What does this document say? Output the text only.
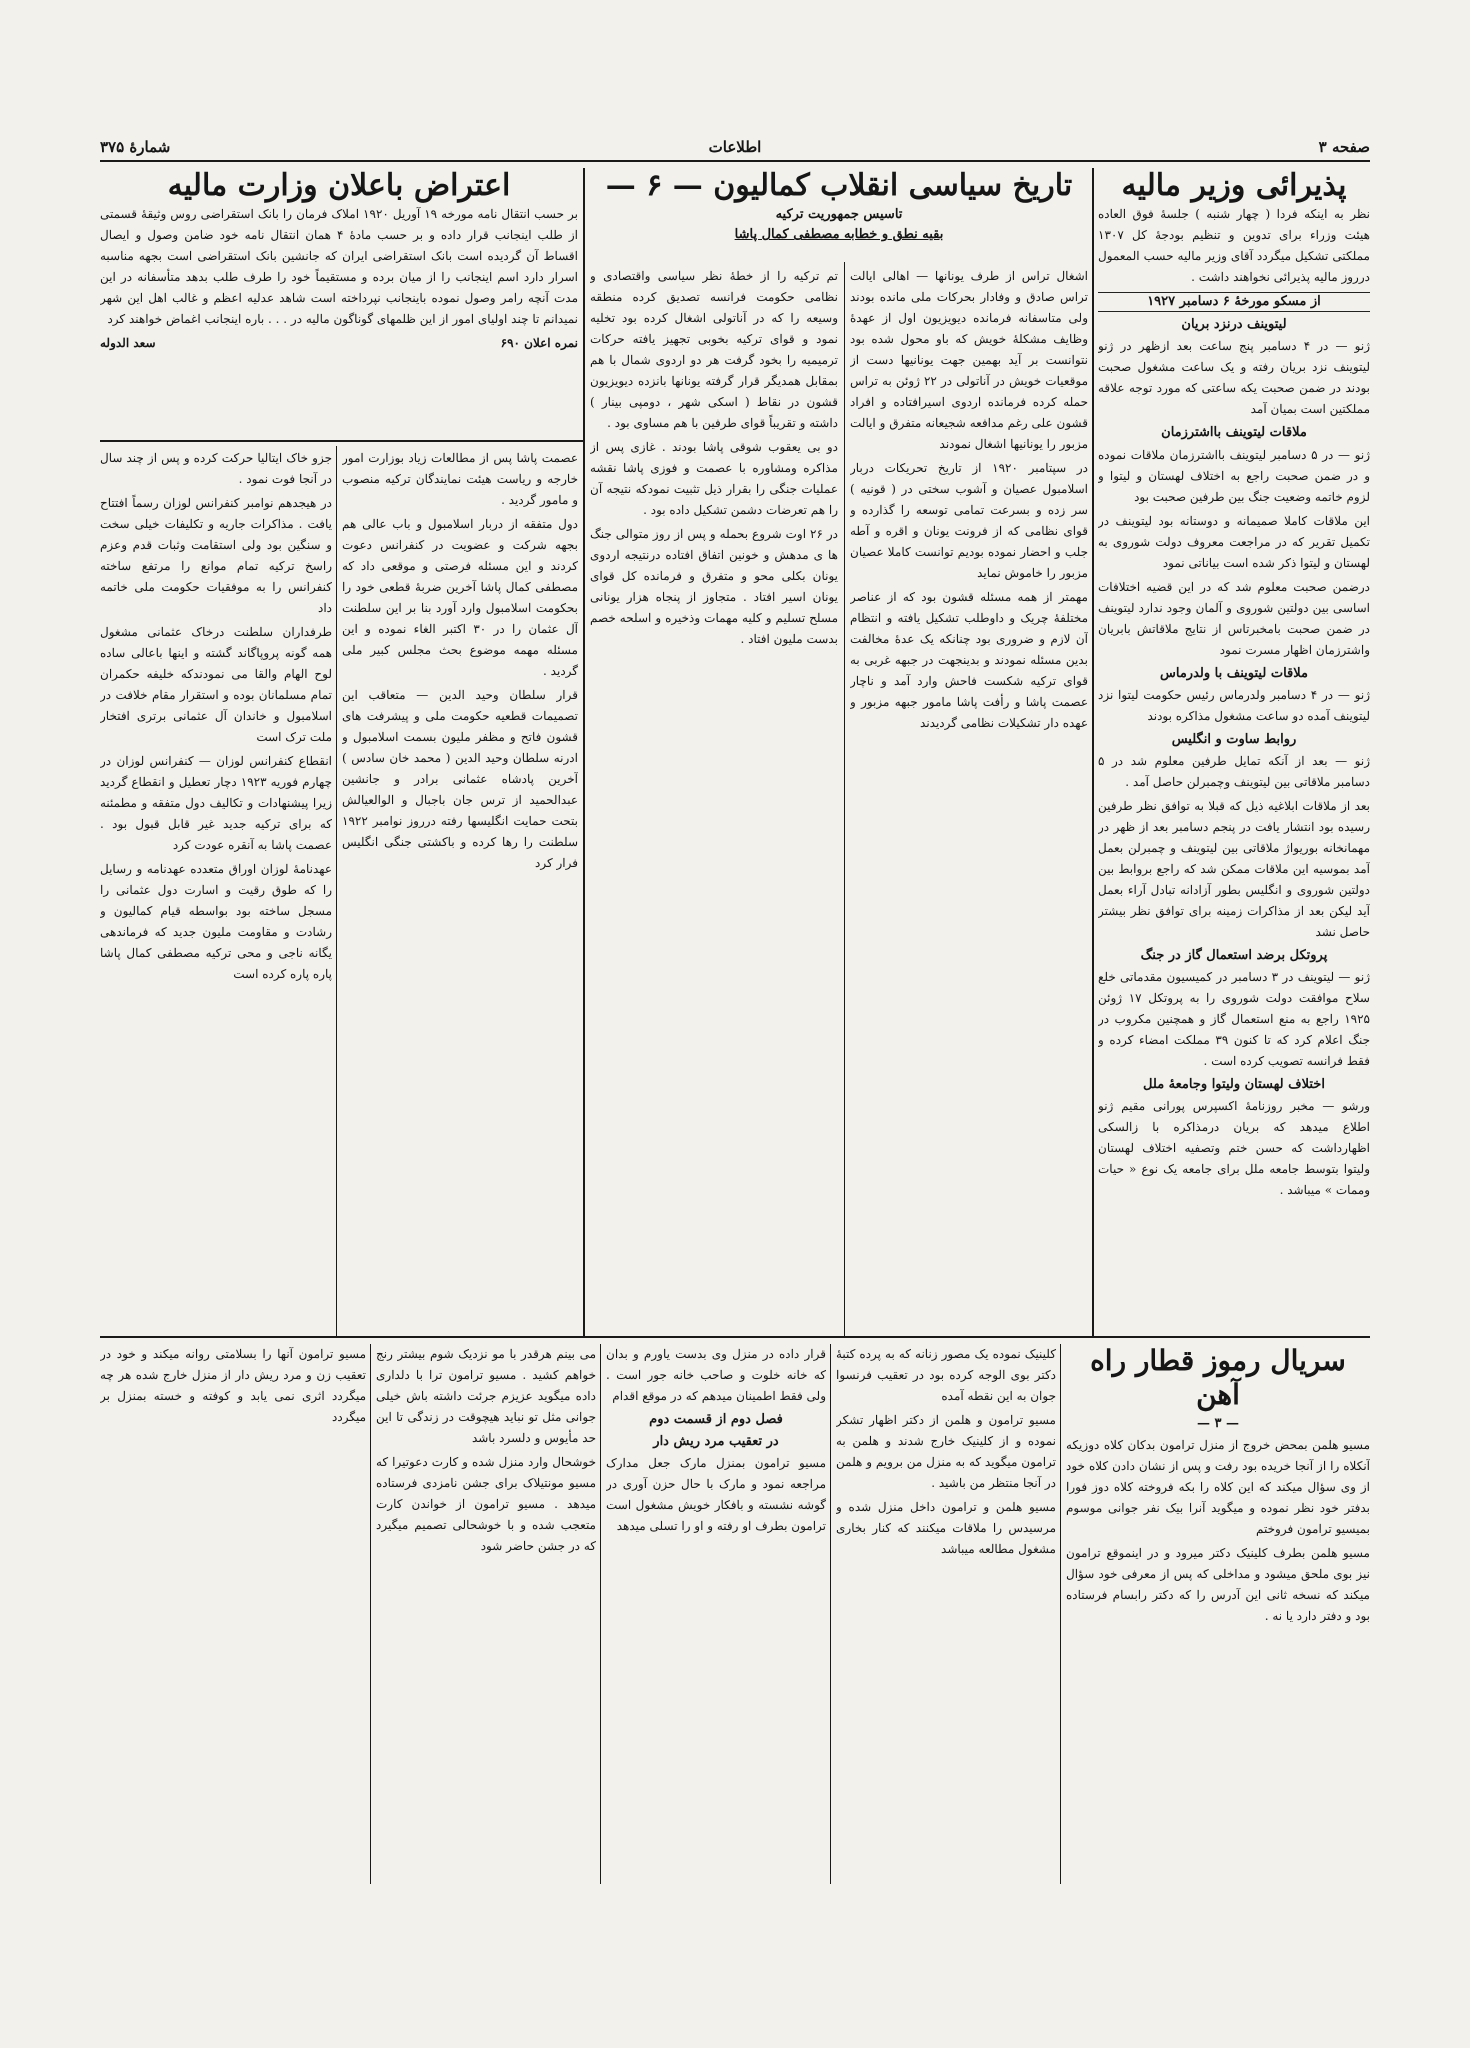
صفحه ۳
اطلاعات
شمارهٔ ۳۷۵
پذیرائی وزیر مالیه

نظر به اینکه فردا ( چهار شنبه ) جلسهٔ فوق العاده هیئت وزراء برای تدوین و تنظیم بودجهٔ کل ۱۳۰۷ مملکتی تشکیل میگردد آقای وزیر مالیه حسب المعمول درروز مالیه پذیرائی نخواهند داشت .

از مسکو مورخهٔ ۶ دسامبر ۱۹۲۷
لیتوینف درنزد بریان

ژنو — در ۴ دسامبر پنج ساعت بعد ازظهر در ژنو لیتوینف نزد بریان رفته و یک ساعت مشغول صحبت بودند در ضمن صحبت یکه ساعتی که مورد توجه علاقه مملکتین است بمیان آمد

ملاقات لیتوینف بااشترزمان

ژنو — در ۵ دسامبر لیتوینف بااشترزمان ملاقات نموده و در ضمن صحبت راجع به اختلاف لهستان و لیتوا و لزوم خاتمه وضعیت جنگ بین طرفین صحبت بود

این ملاقات کاملا صمیمانه و دوستانه بود لیتوینف در تکمیل تقریر که در مراجعت معروف دولت شوروی به لهستان و لیتوا ذکر شده است بیاناتی نمود

درضمن صحبت معلوم شد که در این قضیه اختلافات اساسی بین دولتین شوروی و آلمان وجود ندارد لیتوینف در ضمن صحبت بامخبرتاس از نتایج ملاقاتش بابریان واشترزمان اظهار مسرت نمود

ملاقات لیتوینف با ولدرماس

ژنو — در ۴ دسامبر ولدرماس رئیس حکومت لیتوا نزد لیتوینف آمده دو ساعت مشغول مذاکره بودند

روابط ساوت و انگلیس

ژنو — بعد از آنکه تمایل طرفین معلوم شد در ۵ دسامبر ملاقاتی بین لیتوینف وچمبرلن حاصل آمد .

بعد از ملاقات ابلاغیه ذیل که قبلا به توافق نظر طرفین رسیده بود انتشار یافت در پنجم دسامبر بعد از ظهر در مهمانخانه بوریواژ ملاقاتی بین لیتوینف و چمبرلن بعمل آمد بموسیه این ملاقات ممکن شد که راجع بروابط بین دولتین شوروی و انگلیس بطور آزادانه تبادل آراء بعمل آید لیکن بعد از مذاکرات زمینه برای توافق نظر بیشتر حاصل نشد

پروتکل برضد استعمال گاز در جنگ

ژنو — لیتوینف در ۳ دسامبر در کمیسیون مقدماتی خلع سلاح موافقت دولت شوروی را به پروتکل ۱۷ ژوئن ۱۹۲۵ راجع به منع استعمال گاز و همچنین مکروب در جنگ اعلام کرد که تا کنون ۳۹ مملکت امضاء کرده و فقط فرانسه تصویب کرده است .

اختلاف لهستان ولیتوا وجامعهٔ ملل

ورشو — مخبر روزنامهٔ اکسپرس پورانی مقیم ژنو اطلاع میدهد که بریان درمذاکره با زالسکی اظهارداشت که حسن ختم وتصفیه اختلاف لهستان ولیتوا بتوسط جامعه ملل برای جامعه یک نوع « حیات وممات » میباشد .

تاریخ سیاسی انقلاب کمالیون — ۶ —
تاسیس جمهوریت ترکیه
بقیه نطق و خطابه مصطفی کمال پاشا

اشغال تراس از طرف یونانها — اهالی ایالت تراس صادق و وفادار بحرکات ملی مانده بودند ولی متاسفانه فرمانده دیویزیون اول از عهدهٔ وظایف مشکلهٔ خویش که باو محول شده بود نتوانست بر آید بهمین جهت یونانیها دست از موقعیات خویش در آناتولی در ۲۲ ژوئن به تراس حمله کرده فرمانده اردوی اسیرافتاده و افراد قشون علی رغم مدافعه شجیعانه متفرق و ایالت مزبور را یونانیها اشغال نمودند

در سپتامبر ۱۹۲۰ از تاریخ تحریکات دربار اسلامبول عصیان و آشوب سختی در ( قونیه ) سر زده و بسرعت تمامی توسعه را گذارده و قوای نظامی که از فرونت یونان و اقره و آطه جلب و احضار نموده بودیم توانست کاملا عصیان مزبور را خاموش نماید

مهمتر از همه مسئله قشون بود که از عناصر مختلفهٔ چریک و داوطلب تشکیل یافته و انتظام آن لازم و ضروری بود چنانکه یک عدهٔ مخالفت بدین مسئله نمودند و بدینجهت در جبهه غربی به قوای ترکیه شکست فاحش وارد آمد و ناچار عصمت پاشا و رأفت پاشا مامور جبهه مزبور و عهده دار تشکیلات نظامی گردیدند

تم ترکیه را از خطهٔ نظر سیاسی واقتصادی و نظامی حکومت فرانسه تصدیق کرده منطقه وسیعه را که در آناتولی اشغال کرده بود تخلیه نمود و قوای ترکیه بخوبی تجهیز یافته حرکات ترمیمیه را بخود گرفت هر دو اردوی شمال با هم بمقابل همدیگر قرار گرفته یونانها بانزده دیویزیون قشون در نقاط ( اسکی شهر ، دومپی بینار ) داشته و تقریباً قوای طرفین با هم مساوی بود .

دو بی یعقوب شوقی پاشا بودند . غازی پس از مذاکره ومشاوره با عصمت و فوزی پاشا نقشه عملیات جنگی را بقرار ذیل تثبیت نمودکه نتیجه آن را هم تعرضات دشمن تشکیل داده بود .

در ۲۶ اوت شروع بحمله و پس از روز متوالی جنگ ها ی مدهش و خونین اتفاق افتاده درنتیجه اردوی یونان بکلی محو و متفرق و فرمانده کل قوای یونان اسیر افتاد . متجاوز از پنجاه هزار یونانی مسلح تسلیم و کلیه مهمات وذخیره و اسلحه خصم بدست ملیون افتاد .

اعتراض باعلان وزارت مالیه

بر حسب انتقال نامه مورخه ۱۹ آوریل ۱۹۲۰ املاک فرمان را بانک استقراضی روس وثیقهٔ قسمتی از طلب اینجانب قرار داده و بر حسب مادهٔ ۴ همان انتقال نامه خود ضامن وصول و ایصال اقساط آن گردیده است بانک استقراضی ایران که جانشین بانک استقراضی است بجهه مناسبه اسرار دارد اسم اینجانب را از میان برده و مستقیماً خود را طرف طلب بدهد متأسفانه در این مدت آنچه رامر وصول نموده باینجانب نپرداخته است شاهد عدلیه اعظم و غالب اهل این شهر نمیدانم تا چند اولیای امور از این ظلمهای گوناگون مالیه در . . . باره اینجانب اغماض خواهند کرد

نمره اعلان ۶۹۰
سعد الدوله

عصمت پاشا پس از مطالعات زیاد بوزارت امور خارجه و ریاست هیئت نمایندگان ترکیه منصوب و مامور گردید .

دول متفقه از دربار اسلامبول و باب عالی هم بجهه شرکت و عضویت در کنفرانس دعوت کردند و این مسئله فرصتی و موقعی داد که مصطفی کمال پاشا آخرین ضربهٔ قطعی خود را بحکومت اسلامبول وارد آورد بنا بر این سلطنت آل عثمان را در ۳۰ اکتبر الغاء نموده و این مسئله مهمه موضوع بحث مجلس کبیر ملی گردید .

قرار سلطان وحید الدین — متعاقب این تصمیمات قطعیه حکومت ملی و پیشرفت های قشون فاتح و مظفر ملیون بسمت اسلامبول و ادرنه سلطان وحید الدین ( محمد خان سادس ) آخرین پادشاه عثمانی برادر و جانشین عبدالحمید از ترس جان باجبال و الوالعیالش بتحت حمایت انگلیسها رفته درروز نوامبر ۱۹۲۲ سلطنت را رها کرده و باکشتی جنگی انگلیس فرار کرد

جزو خاک ایتالیا حرکت کرده و پس از چند سال در آنجا فوت نمود .

در هیجدهم نوامبر کنفرانس لوزان رسماً افتتاح یافت . مذاکرات جاریه و تکلیفات خیلی سخت و سنگین بود ولی استقامت وثبات قدم وعزم راسخ ترکیه تمام موانع را مرتفع ساخته کنفرانس را به موفقیات حکومت ملی خاتمه داد

طرفداران سلطنت درخاک عثمانی مشغول همه گونه پروپاگاند گشته و اینها باعالی ساده لوح الهام والقا می نمودندکه خلیفه حکمران تمام مسلمانان بوده و استقرار مقام خلافت در اسلامبول و خاندان آل عثمانی برتری افتخار ملت ترک است

انقطاع کنفرانس لوزان — کنفرانس لوزان در چهارم فوریه ۱۹۲۳ دچار تعطیل و انقطاع گردید زیرا پیشنهادات و تکالیف دول متفقه و مطمئنه که برای ترکیه جدید غیر قابل قبول بود . عصمت پاشا به آنقره عودت کرد

عهدنامهٔ لوزان اوراق متعدده عهدنامه و رسایل را که طوق رقیت و اسارت دول عثمانی را مسجل ساخته بود بواسطه قیام کمالیون و رشادت و مقاومت ملیون جدید که فرماندهی یگانه ناجی و محی ترکیه مصطفی کمال پاشا پاره پاره کرده است

سریال رموز قطار راه آهن
— ۳ —

مسیو هلمن بمحض خروج از منزل ترامون بدکان کلاه دوزیکه آنکلاه را از آنجا خریده بود رفت و پس از نشان دادن کلاه خود از وی سؤال میکند که این کلاه را بکه فروخته کلاه دوز فورا بدفتر خود نظر نموده و میگوید آنرا بیک نفر جوانی موسوم بمیسیو ترامون فروختم

مسیو هلمن بطرف کلینیک دکتر میرود و در اینموقع ترامون نیز بوی ملحق میشود و مداخلی که پس از معرفی خود سؤال میکند که نسخه ثانی این آدرس را که دکتر رابسام فرستاده بود و دفتر دارد یا نه .

کلینیک نموده یک مصور زنانه که به پرده کتبهٔ دکتر بوی الوجه کرده بود در تعقیب فرنسوا جوان به این نقطه آمده

مسیو ترامون و هلمن از دکتر اظهار تشکر نموده و از کلینیک خارج شدند و هلمن به ترامون میگوید که به منزل من برویم و هلمن در آنجا منتظر من باشید .

مسیو هلمن و ترامون داخل منزل شده و مرسیدس را ملاقات میکنند که کنار بخاری مشغول مطالعه میباشد

قرار داده در منزل وی بدست یاورم و بدان که خانه خلوت و صاحب خانه جور است . ولی فقط اطمینان میدهم که در موقع اقدام

فصل دوم از قسمت دوم
در تعقیب مرد ریش دار

مسیو ترامون بمنزل مارک جعل مدارک مراجعه نمود و مارک با حال حزن آوری در گوشه نشسته و بافکار خویش مشغول است ترامون بطرف او رفته و او را تسلی میدهد

می بینم هرقدر با مو نزدیک شوم بیشتر رنج خواهم کشید . مسیو ترامون ترا با دلداری داده میگوید عزیزم جرئت داشته باش خیلی جوانی مثل تو نباید هیچوقت در زندگی تا این حد مأیوس و دلسرد باشد

خوشحال وارد منزل شده و کارت دعوتیرا که مسیو مونتیلاک برای جشن نامزدی فرستاده میدهد . مسیو ترامون از خواندن کارت متعجب شده و با خوشحالی تصمیم میگیرد که در جشن حاضر شود

مسیو ترامون آنها را بسلامتی روانه میکند و خود در تعقیب زن و مرد ریش دار از منزل خارج شده هر چه میگردد اثری نمی یابد و کوفته و خسته بمنزل بر میگردد
